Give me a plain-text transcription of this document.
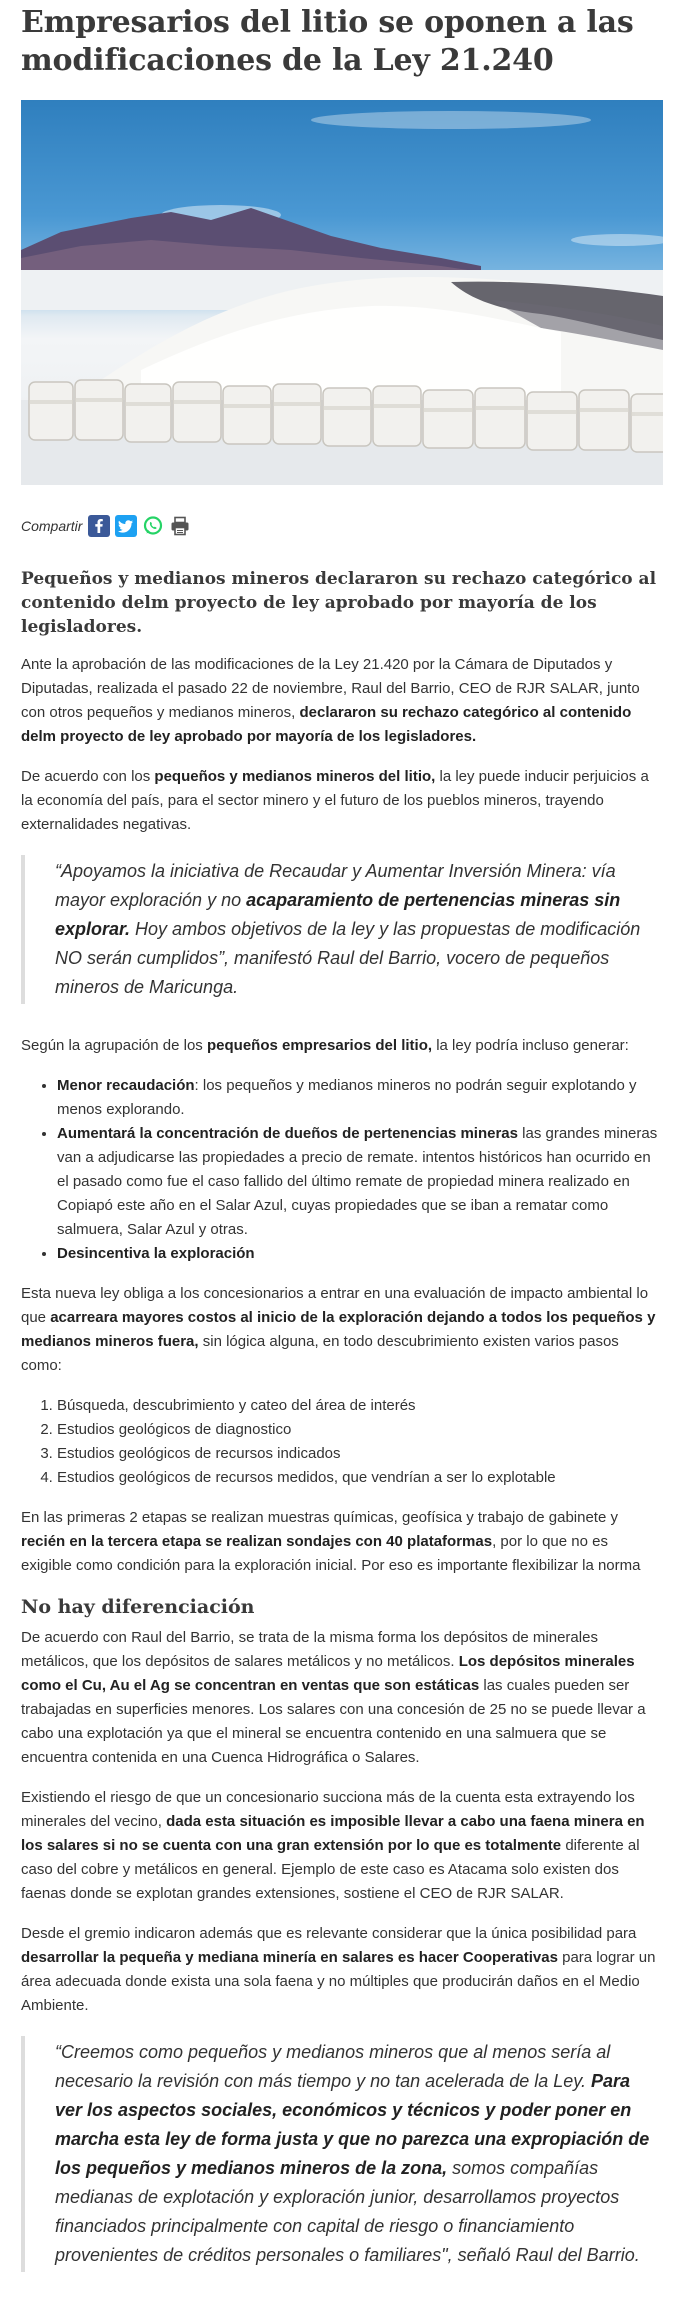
Empresarios del litio se oponen a las modificaciones de la Ley 21.240
Compartir
Pequeños y medianos mineros declararon su rechazo categórico al contenido delm proyecto de ley aprobado por mayoría de los legisladores.

Ante la aprobación de las modificaciones de la Ley 21.420 por la Cámara de Diputados y Diputadas, realizada el pasado 22 de noviembre, Raul del Barrio, CEO de RJR SALAR, junto con otros pequeños y medianos mineros, declararon su rechazo categórico al contenido delm proyecto de ley aprobado por mayoría de los legisladores.

De acuerdo con los pequeños y medianos mineros del litio, la ley puede inducir perjuicios a la economía del país, para el sector minero y el futuro de los pueblos mineros, trayendo externalidades negativas.

“Apoyamos la iniciativa de Recaudar y Aumentar Inversión Minera: vía mayor exploración y no acaparamiento de pertenencias mineras sin explorar. Hoy ambos objetivos de la ley y las propuestas de modificación NO serán cumplidos”, manifestó Raul del Barrio, vocero de pequeños mineros de Maricunga.

Según la agrupación de los pequeños empresarios del litio, la ley podría incluso generar:

• Menor recaudación: los pequeños y medianos mineros no podrán seguir explotando y menos explorando.
• Aumentará la concentración de dueños de pertenencias mineras las grandes mineras van a adjudicarse las propiedades a precio de remate. intentos históricos han ocurrido en el pasado como fue el caso fallido del último remate de propiedad minera realizado en Copiapó este año en el Salar Azul, cuyas propiedades que se iban a rematar como salmuera, Salar Azul y otras.
• Desincentiva la exploración

Esta nueva ley obliga a los concesionarios a entrar en una evaluación de impacto ambiental lo que acarreara mayores costos al inicio de la exploración dejando a todos los pequeños y medianos mineros fuera, sin lógica alguna, en todo descubrimiento existen varios pasos como:

1. Búsqueda, descubrimiento y cateo del área de interés
2. Estudios geológicos de diagnostico
3. Estudios geológicos de recursos indicados
4. Estudios geológicos de recursos medidos, que vendrían a ser lo explotable

En las primeras 2 etapas se realizan muestras químicas, geofísica y trabajo de gabinete y recién en la tercera etapa se realizan sondajes con 40 plataformas, por lo que no es exigible como condición para la exploración inicial. Por eso es importante flexibilizar la norma

No hay diferenciación

De acuerdo con Raul del Barrio, se trata de la misma forma los depósitos de minerales metálicos, que los depósitos de salares metálicos y no metálicos. Los depósitos minerales como el Cu, Au el Ag se concentran en ventas que son estáticas las cuales pueden ser trabajadas en superficies menores. Los salares con una concesión de 25 no se puede llevar a cabo una explotación ya que el mineral se encuentra contenido en una salmuera que se encuentra contenida en una Cuenca Hidrográfica o Salares.

Existiendo el riesgo de que un concesionario succiona más de la cuenta esta extrayendo los minerales del vecino, dada esta situación es imposible llevar a cabo una faena minera en los salares si no se cuenta con una gran extensión por lo que es totalmente diferente al caso del cobre y metálicos en general. Ejemplo de este caso es Atacama solo existen dos faenas donde se explotan grandes extensiones, sostiene el CEO de RJR SALAR.

Desde el gremio indicaron además que es relevante considerar que la única posibilidad para desarrollar la pequeña y mediana minería en salares es hacer Cooperativas para lograr un área adecuada donde exista una sola faena y no múltiples que producirán daños en el Medio Ambiente.

“Creemos como pequeños y medianos mineros que al menos sería al necesario la revisión con más tiempo y no tan acelerada de la Ley. Para ver los aspectos sociales, económicos y técnicos y poder poner en marcha esta ley de forma justa y que no parezca una expropiación de los pequeños y medianos mineros de la zona, somos compañías medianas de explotación y exploración junior, desarrollamos proyectos financiados principalmente con capital de riesgo o financiamiento provenientes de créditos personales o familiares", señaló Raul del Barrio.
